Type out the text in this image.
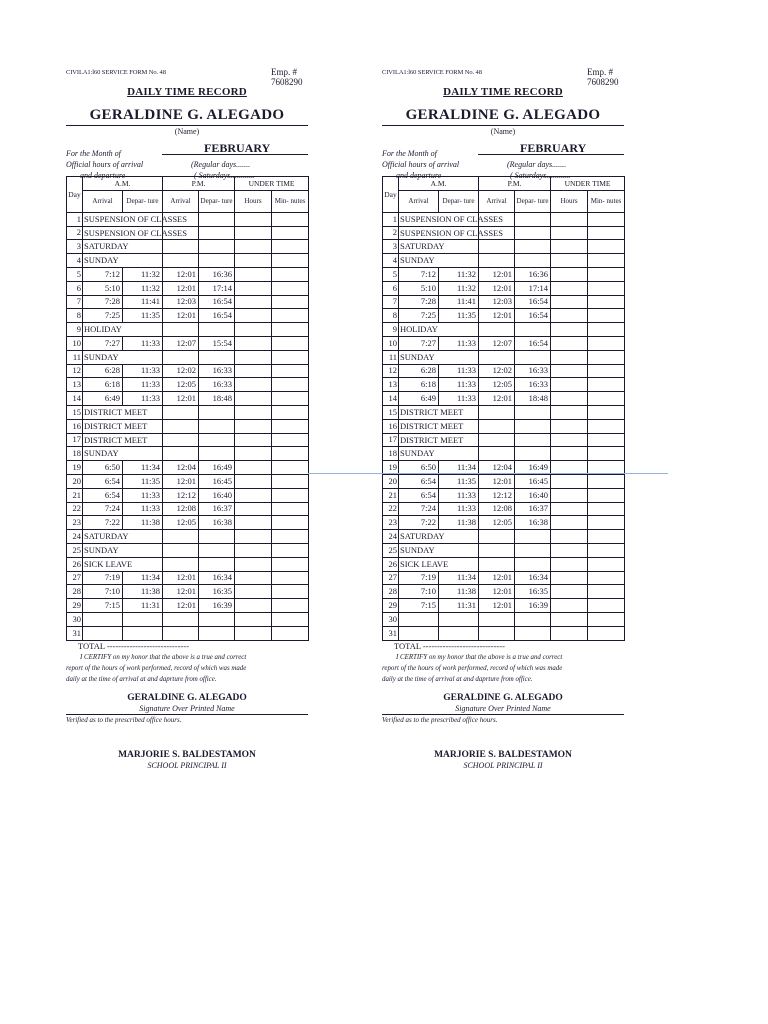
CIVILA1:l60 SERVICE FORM No. 48	Emp. # 7608290
DAILY TIME RECORD
GERALDINE G. ALEGADO
(Name)
For the Month of	FEBRUARY
Official hours of arrival
and departure
(Regular days.......
( Saturdays............
Day	A.M.		P.M.		UNDER TIME	
	Arrival	Depar- ture	Arrival	Depar- ture	Hours	Min- nutes
1	SUSPENSION OF CLASSES					

2	SUSPENSION OF CLASSES					

3	SATURDAY					

4	SUNDAY					

5	7:12	11:32	12:01	16:36		
6	5:10	11:32	12:01	17:14		
7	7:28	11:41	12:03	16:54		
8	7:25	11:35	12:01	16:54		
9	HOLIDAY					

10	7:27	11:33	12:07	15:54		
11	SUNDAY					

12	6:28	11:33	12:02	16:33		
13	6:18	11:33	12:05	16:33		
14	6:49	11:33	12:01	18:48		
15	DISTRICT MEET					

16	DISTRICT MEET					

17	DISTRICT MEET					

18	SUNDAY					

19	6:50	11:34	12:04	16:49		
20	6:54	11:35	12:01	16:45		
21	6:54	11:33	12:12	16:40		
22	7:24	11:33	12:08	16:37		
23	7:22	11:38	12:05	16:38		
24	SATURDAY					

25	SUNDAY					

26	SICK LEAVE					

27	7:19	11:34	12:01	16:34		
28	7:10	11:38	12:01	16:35		
29	7:15	11:31	12:01	16:39		
30						
31						
TOTAL -----------------------------
I CERTIFY on my honor that the above is a true and correct
report of the hours of work performed, record of which was made
daily at the time of arrival at and daprture from office.
GERALDINE G. ALEGADO
Signature Over Printed Name
Verified as to the prescribed office hours.
MARJORIE S. BALDESTAMON
SCHOOL PRINCIPAL II
CIVILA1:l60 SERVICE FORM No. 48	Emp. # 7608290
DAILY TIME RECORD
GERALDINE G. ALEGADO
(Name)
For the Month of	FEBRUARY
Official hours of arrival
and departure
(Regular days.......
( Saturdays............
Day	A.M.		P.M.		UNDER TIME	
	Arrival	Depar- ture	Arrival	Depar- ture	Hours	Min- nutes
1	SUSPENSION OF CLASSES					

2	SUSPENSION OF CLASSES					

3	SATURDAY					

4	SUNDAY					

5	7:12	11:32	12:01	16:36		
6	5:10	11:32	12:01	17:14		
7	7:28	11:41	12:03	16:54		
8	7:25	11:35	12:01	16:54		
9	HOLIDAY					

10	7:27	11:33	12:07	16:54		
11	SUNDAY					

12	6:28	11:33	12:02	16:33		
13	6:18	11:33	12:05	16:33		
14	6:49	11:33	12:01	18:48		
15	DISTRICT MEET					

16	DISTRICT MEET					

17	DISTRICT MEET					

18	SUNDAY					

19	6:50	11:34	12:04	16:49		
20	6:54	11:35	12:01	16:45		
21	6:54	11:33	12:12	16:40		
22	7:24	11:33	12:08	16:37		
23	7:22	11:38	12:05	16:38		
24	SATURDAY					

25	SUNDAY					

26	SICK LEAVE					

27	7:19	11:34	12:01	16:34		
28	7:10	11:38	12:01	16:35		
29	7:15	11:31	12:01	16:39		
30						
31						
TOTAL -----------------------------
I CERTIFY on my honor that the above is a true and correct
report of the hours of work performed, record of which was made
daily at the time of arrival at and daprture from office.
GERALDINE G. ALEGADO
Signature Over Printed Name
Verified as to the prescribed office hours.
MARJORIE S. BALDESTAMON
SCHOOL PRINCIPAL II
